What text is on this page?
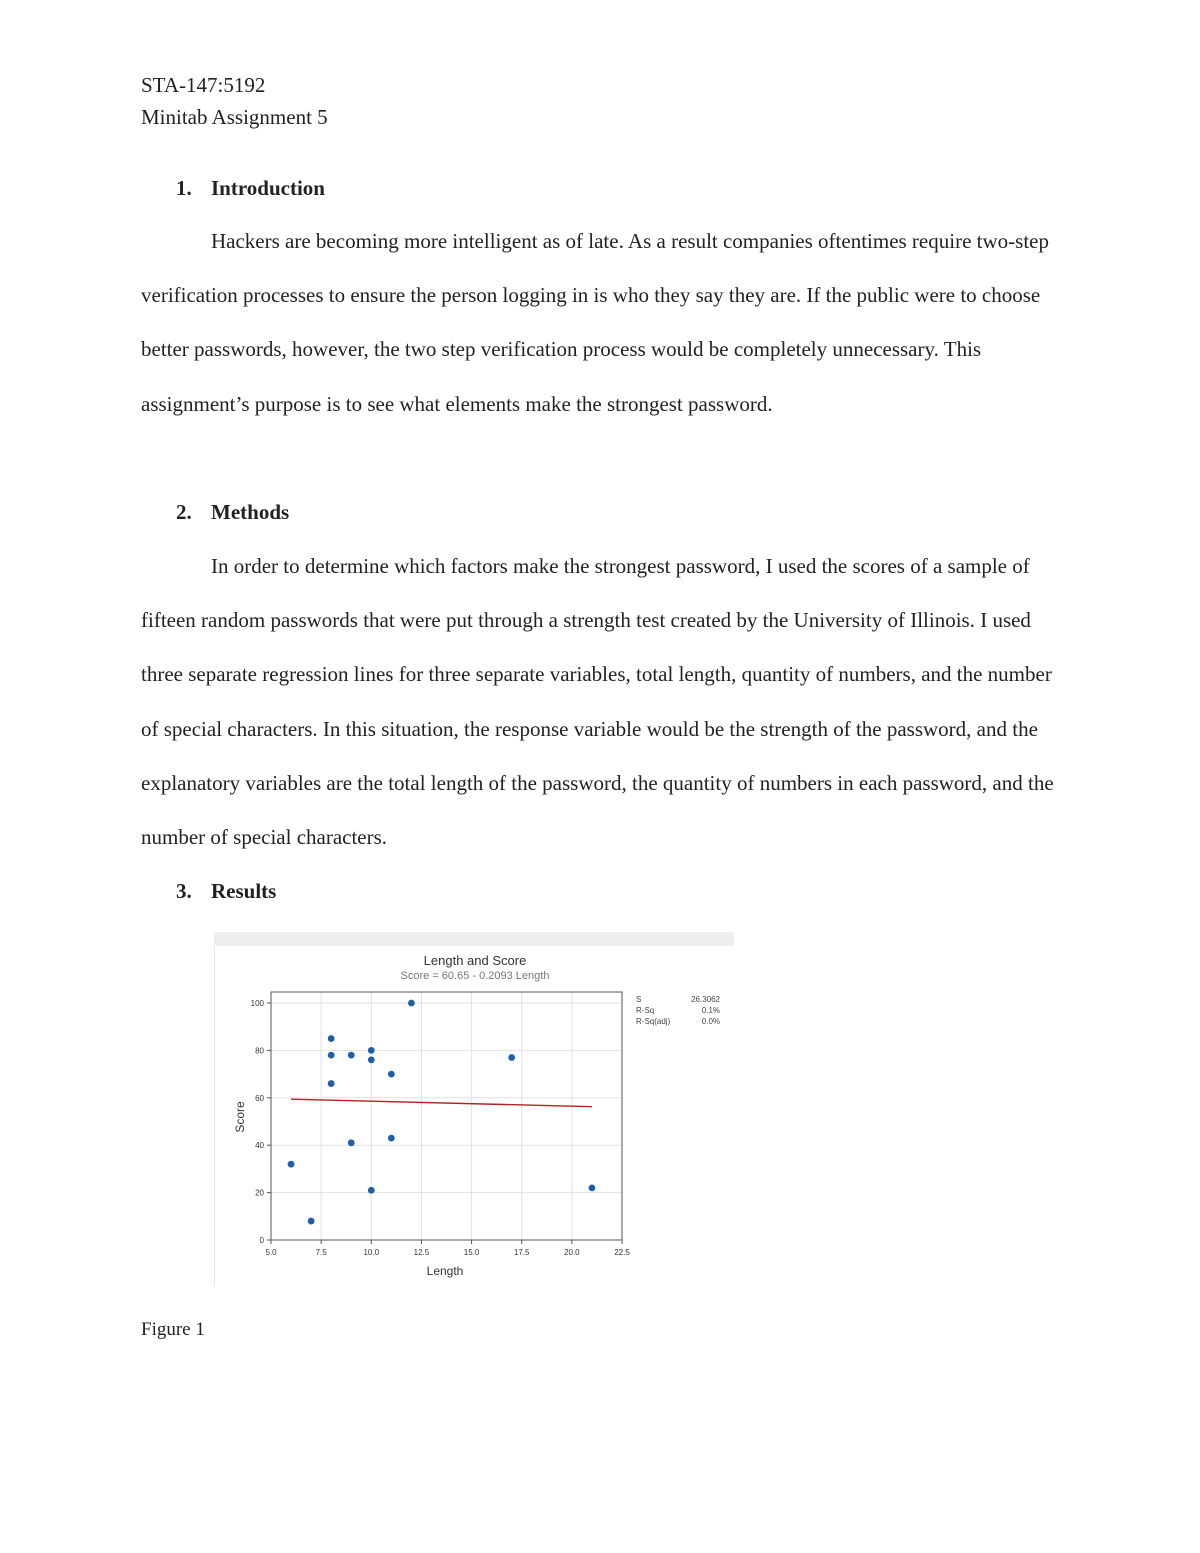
STA-147:5192
Minitab Assignment 5
1. Introduction

Hackers are becoming more intelligent as of late. As a result companies oftentimes require two-step verification processes to ensure the person logging in is who they say they are. If the public were to choose better passwords, however, the two step verification process would be completely unnecessary. This assignment’s purpose is to see what elements make the strongest password.

2. Methods

In order to determine which factors make the strongest password, I used the scores of a sample of fifteen random passwords that were put through a strength test created by the University of Illinois. I used three separate regression lines for three separate variables, total length, quantity of numbers, and the number of special characters. In this situation, the response variable would be the strength of the password, and the explanatory variables are the total length of the password, the quantity of numbers in each password, and the number of special characters.

3. Results
Length and Score
Score = 60.65 - 0.2093 Length
0
20
40
60
80
100
5.0	7.5	10.0	12.5	15.0	17.5	20.0	22.5
Length
Score
S	26.3062
R-Sq	0.1%
R-Sq(adj)	0.0%
Figure 1
